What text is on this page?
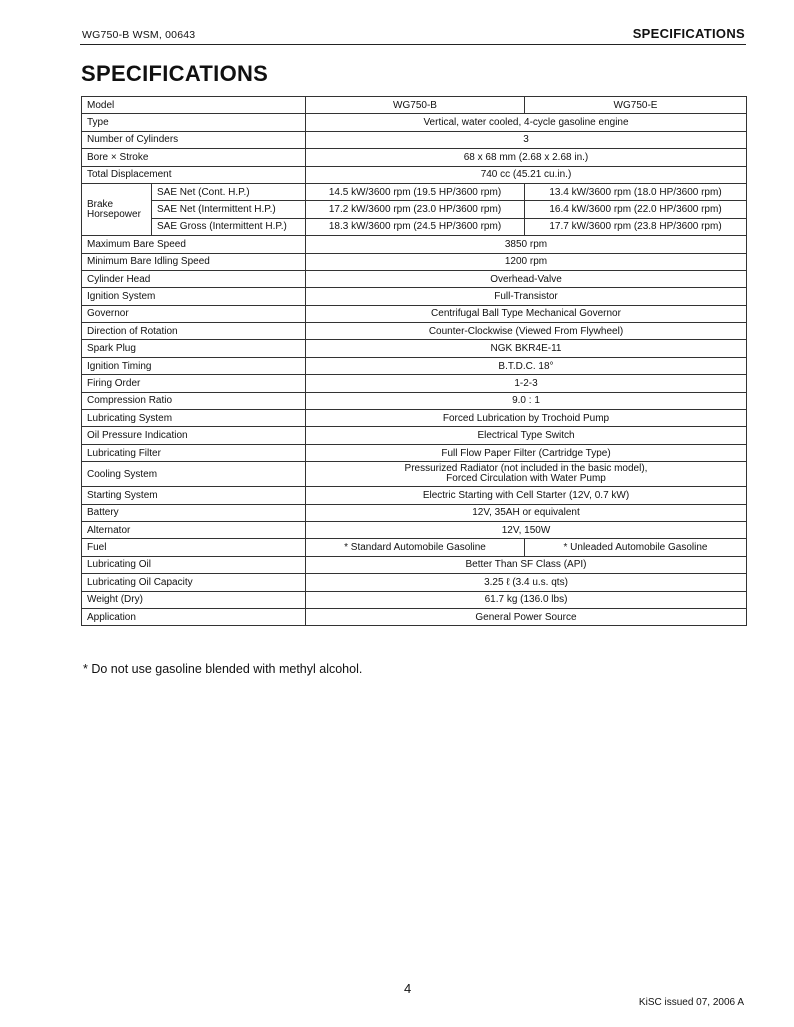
WG750-B WSM, 00643	SPECIFICATIONS
SPECIFICATIONS
Model		WG750-B	WG750-E
Type		Vertical, water cooled, 4-cycle gasoline engine	
Number of Cylinders		3	
Bore × Stroke		68 x 68 mm (2.68 x 2.68 in.)	
Total Displacement		740 cc (45.21 cu.in.)	
Brake Horsepower	SAE Net (Cont. H.P.)	14.5 kW/3600 rpm (19.5 HP/3600 rpm)	13.4 kW/3600 rpm (18.0 HP/3600 rpm)
	SAE Net (Intermittent H.P.)	17.2 kW/3600 rpm (23.0 HP/3600 rpm)	16.4 kW/3600 rpm (22.0 HP/3600 rpm)
	SAE Gross (Intermittent H.P.)	18.3 kW/3600 rpm (24.5 HP/3600 rpm)	17.7 kW/3600 rpm (23.8 HP/3600 rpm)
Maximum Bare Speed		3850 rpm	
Minimum Bare Idling Speed		1200 rpm	
Cylinder Head		Overhead-Valve	
Ignition System		Full-Transistor	
Governor		Centrifugal Ball Type Mechanical Governor	
Direction of Rotation		Counter-Clockwise (Viewed From Flywheel)	
Spark Plug		NGK BKR4E-11	
Ignition Timing		B.T.D.C. 18°	
Firing Order		1-2-3	
Compression Ratio		9.0 : 1	
Lubricating System		Forced Lubrication by Trochoid Pump	
Oil Pressure Indication		Electrical Type Switch	
Lubricating Filter		Full Flow Paper Filter (Cartridge Type)	
Cooling System		Pressurized Radiator (not included in the basic model),
Forced Circulation with Water Pump	

Starting System		Electric Starting with Cell Starter (12V, 0.7 kW)	
Battery		12V, 35AH or equivalent	
Alternator		12V, 150W	
Fuel		* Standard Automobile Gasoline	* Unleaded Automobile Gasoline
Lubricating Oil		Better Than SF Class (API)	
Lubricating Oil Capacity		3.25 ℓ (3.4 u.s. qts)	
Weight (Dry)		61.7 kg (136.0 lbs)	
Application		General Power Source	
* Do not use gasoline blended with methyl alcohol.
4
KiSC issued 07, 2006 A
